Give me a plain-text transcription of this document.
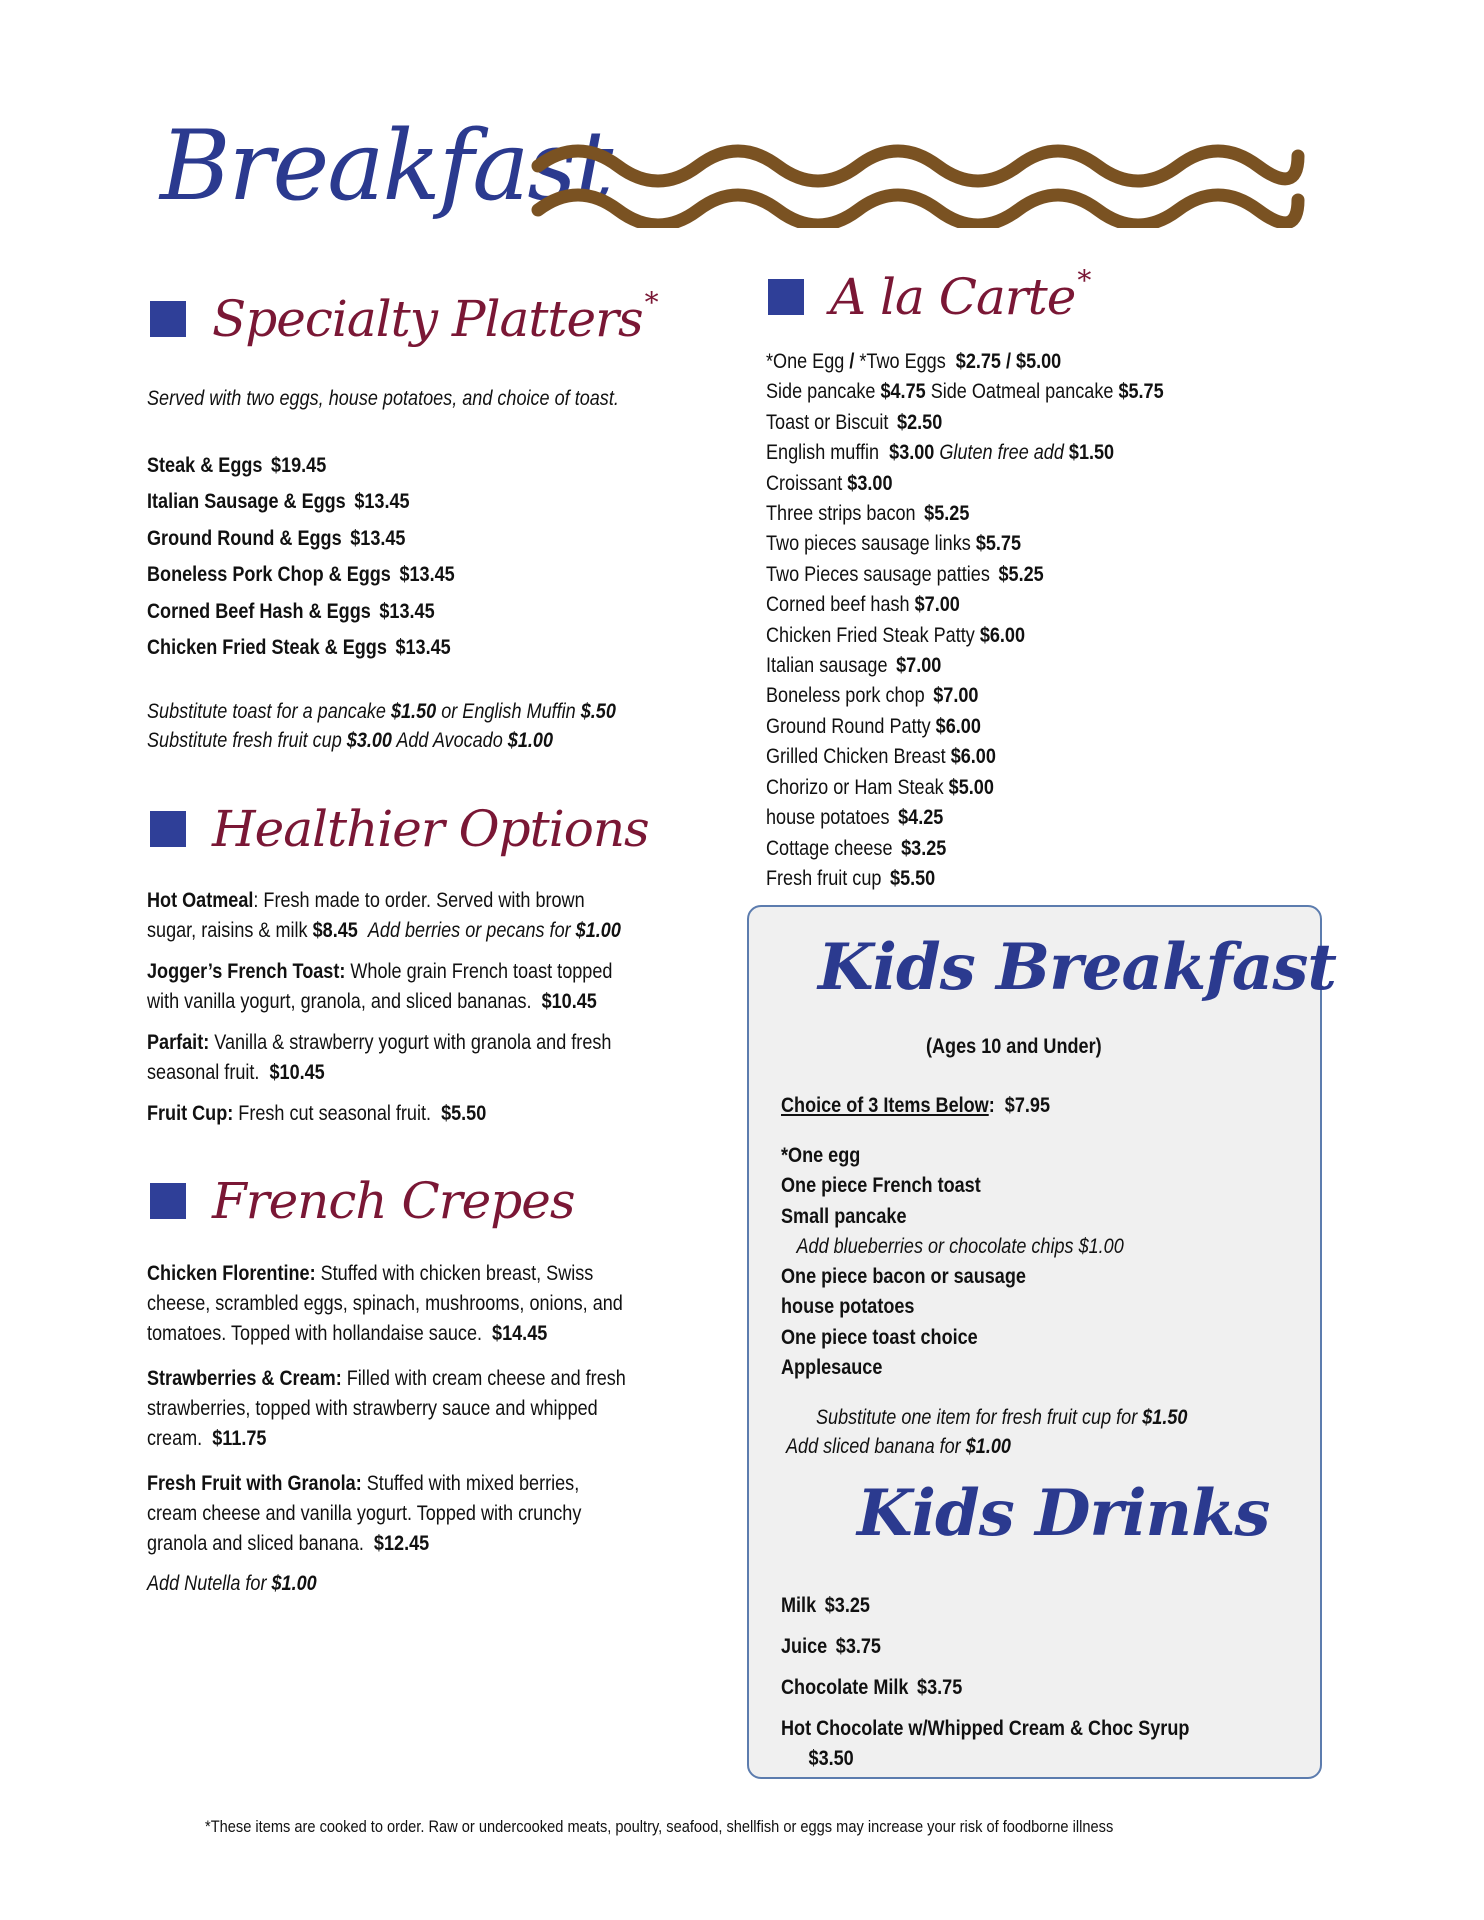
Breakfast
Specialty Platters*
Served with two eggs, house potatoes, and choice of toast.
Steak & Eggs $19.45
Italian Sausage & Eggs $13.45
Ground Round & Eggs $13.45
Boneless Pork Chop & Eggs $13.45
Corned Beef Hash & Eggs $13.45
Chicken Fried Steak & Eggs $13.45
Substitute toast for a pancake $1.50 or English Muffin $.50
Substitute fresh fruit cup $3.00 Add Avocado $1.00
Healthier Options
Hot Oatmeal: Fresh made to order. Served with brown
sugar, raisins & milk $8.45 Add berries or pecans for $1.00
Jogger’s French Toast: Whole grain French toast topped
with vanilla yogurt, granola, and sliced bananas. $10.45
Parfait: Vanilla & strawberry yogurt with granola and fresh
seasonal fruit. $10.45
Fruit Cup: Fresh cut seasonal fruit. $5.50
French Crepes
Chicken Florentine: Stuffed with chicken breast, Swiss
cheese, scrambled eggs, spinach, mushrooms, onions, and
tomatoes. Topped with hollandaise sauce. $14.45
Strawberries & Cream: Filled with cream cheese and fresh
strawberries, topped with strawberry sauce and whipped
cream. $11.75
Fresh Fruit with Granola: Stuffed with mixed berries,
cream cheese and vanilla yogurt. Topped with crunchy
granola and sliced banana. $12.45
Add Nutella for $1.00
A la Carte*
*One Egg / *Two Eggs $2.75 / $5.00
Side pancake $4.75 Side Oatmeal pancake $5.75
Toast or Biscuit $2.50
English muffin $3.00 Gluten free add $1.50
Croissant $3.00
Three strips bacon $5.25
Two pieces sausage links $5.75
Two Pieces sausage patties $5.25
Corned beef hash $7.00
Chicken Fried Steak Patty $6.00
Italian sausage $7.00
Boneless pork chop $7.00
Ground Round Patty $6.00
Grilled Chicken Breast $6.00
Chorizo or Ham Steak $5.00
house potatoes $4.25
Cottage cheese $3.25
Fresh fruit cup $5.50
Kids Breakfast
(Ages 10 and Under)
Choice of 3 Items Below: $7.95
*One egg
One piece French toast
Small pancake
Add blueberries or chocolate chips $1.00
One piece bacon or sausage
house potatoes
One piece toast choice
Applesauce
Substitute one item for fresh fruit cup for $1.50
Add sliced banana for $1.00
Kids Drinks
Milk $3.25
Juice $3.75
Chocolate Milk $3.75
Hot Chocolate w/Whipped Cream & Choc Syrup
$3.50
*These items are cooked to order. Raw or undercooked meats, poultry, seafood, shellfish or eggs may increase your risk of foodborne illness
